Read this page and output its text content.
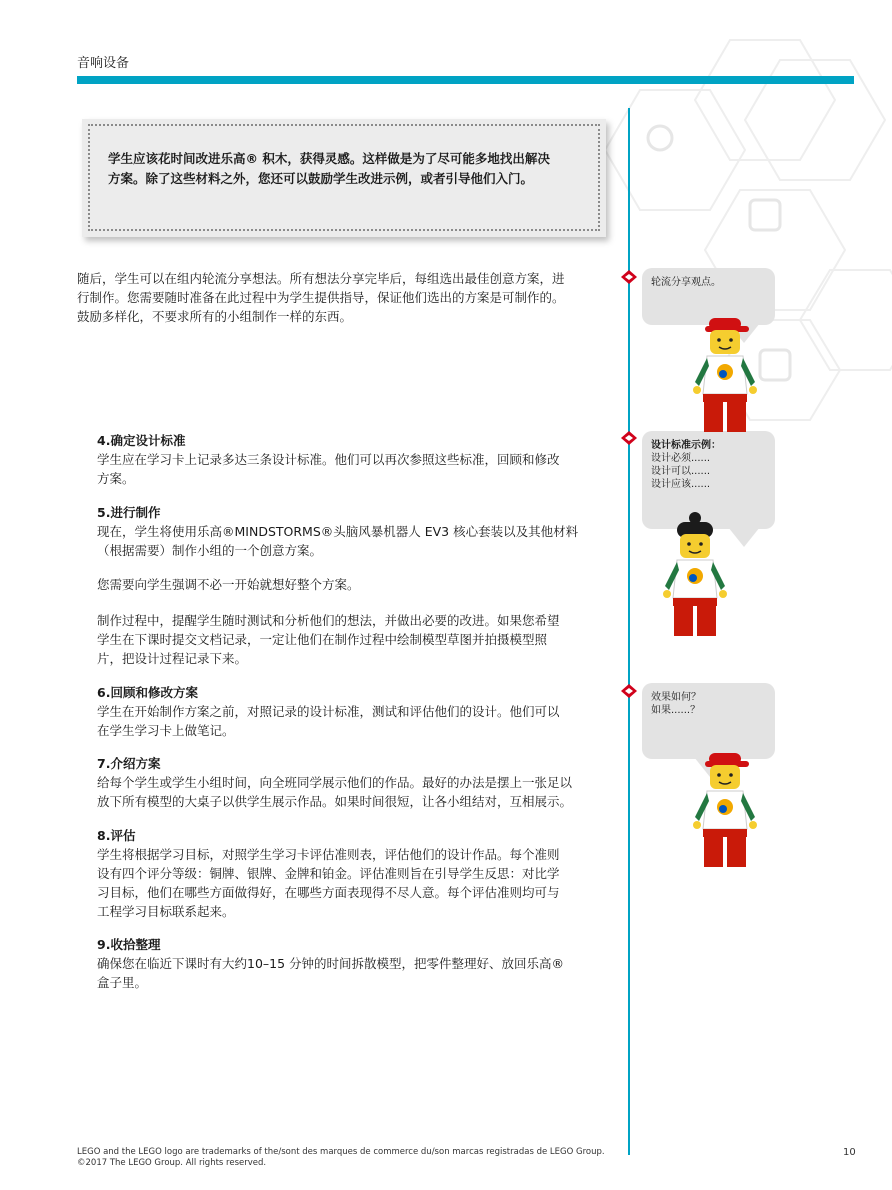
音响设备

学生应该花时间改进乐高® 积木，获得灵感。这样做是为了尽可能多地找出解决
方案。除了这些材料之外，您还可以鼓励学生改进示例，或者引导他们入门。

随后，学生可以在组内轮流分享想法。所有想法分享完毕后，每组选出最佳创意方案，进
行制作。您需要随时准备在此过程中为学生提供指导，保证他们选出的方案是可制作的。
鼓励多样化，不要求所有的小组制作一样的东西。

4.确定设计标准

学生应在学习卡上记录多达三条设计标准。他们可以再次参照这些标准，回顾和修改
方案。

5.进行制作

现在，学生将使用乐高®MINDSTORMS®头脑风暴机器人 EV3 核心套装以及其他材料
（根据需要）制作小组的一个创意方案。

您需要向学生强调不必一开始就想好整个方案。

制作过程中，提醒学生随时测试和分析他们的想法，并做出必要的改进。如果您希望
学生在下课时提交文档记录，一定让他们在制作过程中绘制模型草图并拍摄模型照
片，把设计过程记录下来。

6.回顾和修改方案

学生在开始制作方案之前，对照记录的设计标准，测试和评估他们的设计。他们可以
在学生学习卡上做笔记。

7.介绍方案

给每个学生或学生小组时间，向全班同学展示他们的作品。最好的办法是摆上一张足以
放下所有模型的大桌子以供学生展示作品。如果时间很短，让各小组结对，互相展示。

8.评估

学生将根据学习目标，对照学生学习卡评估准则表，评估他们的设计作品。每个准则
设有四个评分等级：铜牌、银牌、金牌和铂金。评估准则旨在引导学生反思：对比学
习目标，他们在哪些方面做得好，在哪些方面表现得不尽人意。每个评估准则均可与
工程学习目标联系起来。

9.收拾整理

确保您在临近下课时有大约10–15 分钟的时间拆散模型，把零件整理好、放回乐高®
盒子里。

轮流分享观点。
设计标准示例：
设计必须......
设计可以......
设计应该......
效果如何？
如果......？
LEGO and the LEGO logo are trademarks of the/sont des marques de commerce du/son marcas registradas de LEGO Group.
©2017 The LEGO Group. All rights reserved.
10
